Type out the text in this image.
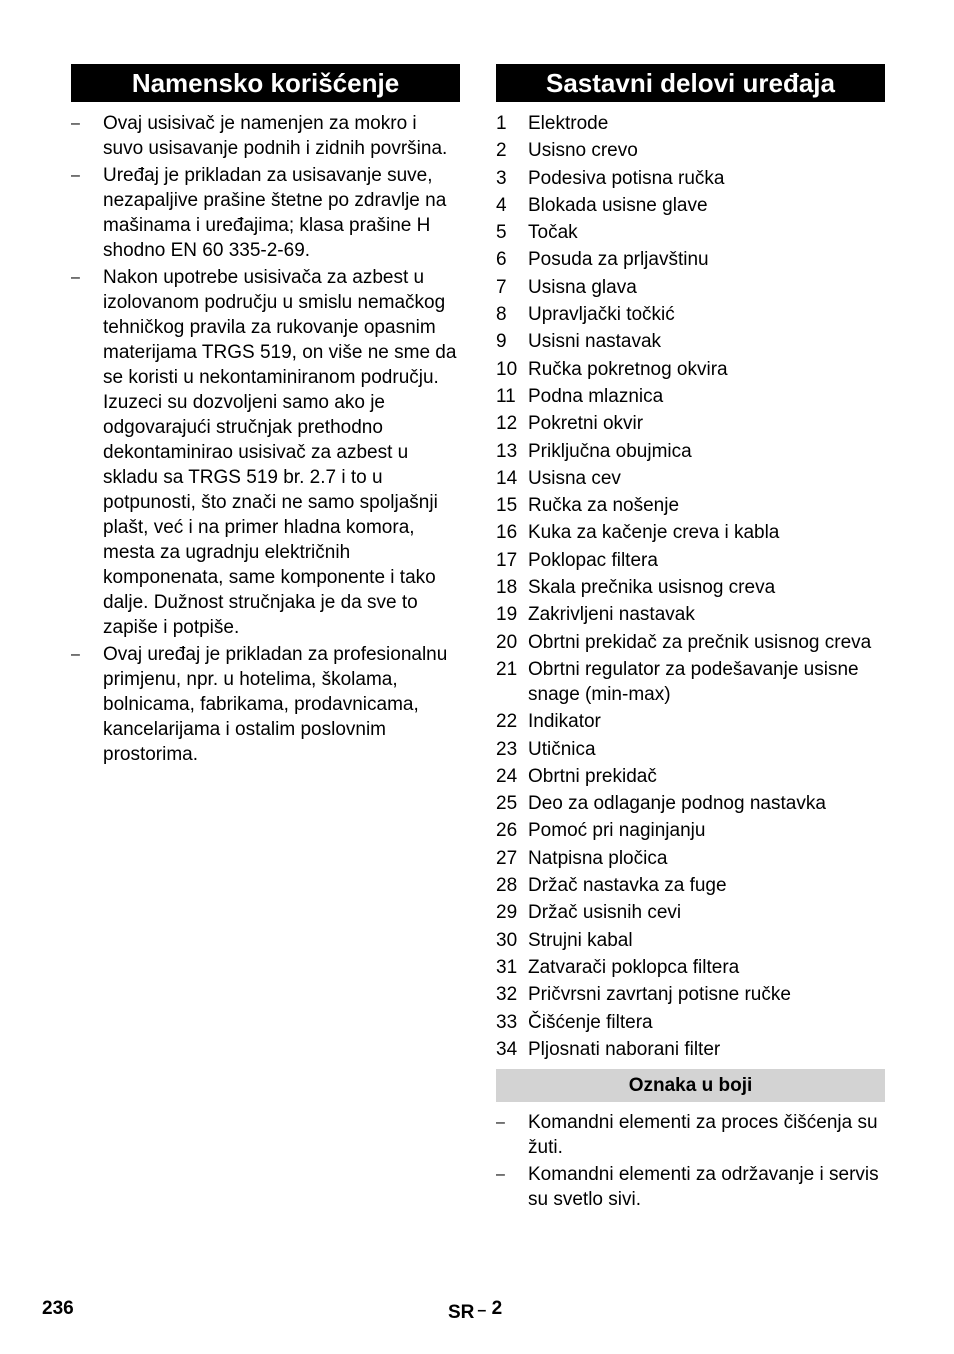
Namensko korišćenje
– Ovaj usisivač je namenjen za mokro i suvo usisavanje podnih i zidnih površina.
– Uređaj je prikladan za usisavanje suve, nezapaljive prašine štetne po zdravlje na mašinama i uređajima; klasa prašine H shodno EN 60 335-2-69.
– Nakon upotrebe usisivača za azbest u izolovanom području u smislu nemačkog tehničkog pravila za rukovanje opasnim materijama TRGS 519, on više ne sme da se koristi u nekontaminiranom području. Izuzeci su dozvoljeni samo ako je odgovarajući stručnjak prethodno dekontaminirao usisivač za azbest u skladu sa TRGS 519 br. 2.7 i to u potpunosti, što znači ne samo spoljašnji plašt, već i na primer hladna komora, mesta za ugradnju električnih komponenata, same komponente i tako dalje. Dužnost stručnjaka je da sve to zapiše i potpiše.
– Ovaj uređaj je prikladan za profesionalnu primjenu, npr. u hotelima, školama, bolnicama, fabrikama, prodavnicama, kancelarijama i ostalim poslovnim prostorima.
Sastavni delovi uređaja
1 Elektrode
2 Usisno crevo
3 Podesiva potisna ručka
4 Blokada usisne glave
5 Točak
6 Posuda za prljavštinu
7 Usisna glava
8 Upravljački točkić
9 Usisni nastavak
10 Ručka pokretnog okvira
11 Podna mlaznica
12 Pokretni okvir
13 Priključna obujmica
14 Usisna cev
15 Ručka za nošenje
16 Kuka za kačenje creva i kabla
17 Poklopac filtera
18 Skala prečnika usisnog creva
19 Zakrivljeni nastavak
20 Obrtni prekidač za prečnik usisnog creva
21 Obrtni regulator za podešavanje usisne snage (min-max)
22 Indikator
23 Utičnica
24 Obrtni prekidač
25 Deo za odlaganje podnog nastavka
26 Pomoć pri naginjanju
27 Natpisna pločica
28 Držač nastavka za fuge
29 Držač usisnih cevi
30 Strujni kabal
31 Zatvarači poklopca filtera
32 Pričvrsni zavrtanj potisne ručke
33 Čišćenje filtera
34 Pljosnati naborani filter
Oznaka u boji
– Komandni elementi za proces čišćenja su žuti.
– Komandni elementi za održavanje i servis su svetlo sivi.
236	SR – 2
